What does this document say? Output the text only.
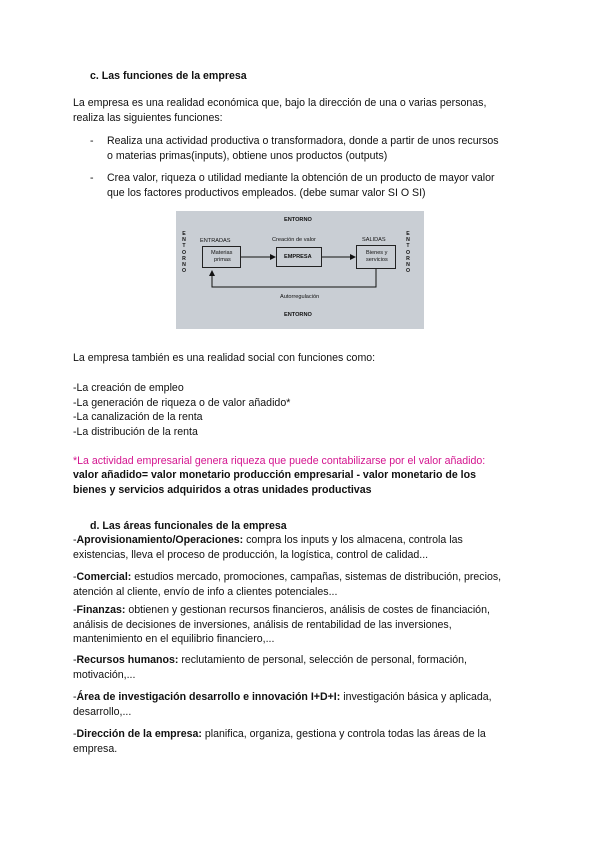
c. Las funciones de la empresa
La empresa es una realidad económica que, bajo la dirección de una o varias personas,
realiza las siguientes funciones:
- Realiza una actividad productiva o transformadora, donde a partir de unos recursos
o materias primas(inputs), obtiene unos productos (outputs)
- Crea valor, riqueza o utilidad mediante la obtención de un producto de mayor valor
que los factores productivos empleados. (debe sumar valor SI O SI)
ENTORNO
E
N
T
O
R
N
O
E
N
T
O
R
N
O
ENTRADAS
Materias
primas
Creación de valor
EMPRESA
SALIDAS
Bienes y
servicios
Autorregulación
ENTORNO
La empresa también es una realidad social con funciones como:
-La creación de empleo
-La generación de riqueza o de valor añadido*
-La canalización de la renta
-La distribución de la renta
*La actividad empresarial genera riqueza que puede contabilizarse por el valor añadido:
valor añadido= valor monetario producción empresarial - valor monetario de los
bienes y servicios adquiridos a otras unidades productivas
d. Las áreas funcionales de la empresa
-Aprovisionamiento/Operaciones: compra los inputs y los almacena, controla las
existencias, lleva el proceso de producción, la logística, control de calidad...
-Comercial: estudios mercado, promociones, campañas, sistemas de distribución, precios,
atención al cliente, envío de info a clientes potenciales...
-Finanzas: obtienen y gestionan recursos financieros, análisis de costes de financiación,
análisis de decisiones de inversiones, análisis de rentabilidad de las inversiones,
mantenimiento en el equilibrio financiero,...
-Recursos humanos: reclutamiento de personal, selección de personal, formación,
motivación,...
-Área de investigación desarrollo e innovación I+D+I: investigación básica y aplicada,
desarrollo,...
-Dirección de la empresa: planifica, organiza, gestiona y controla todas las áreas de la
empresa.
